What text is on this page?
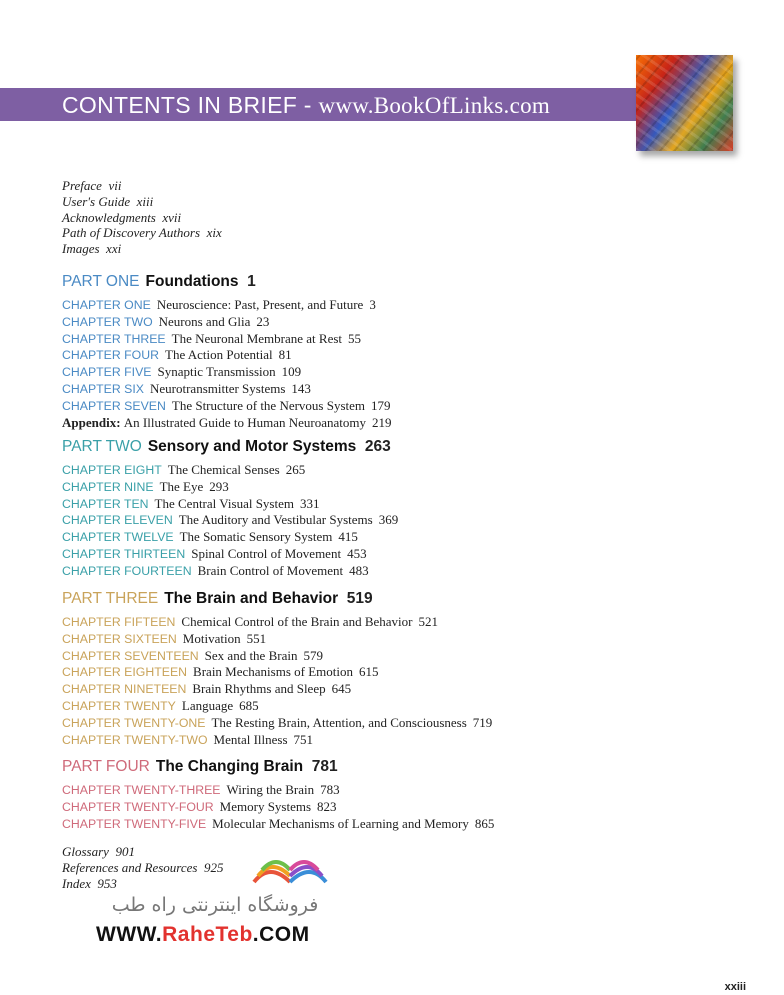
CONTENTS IN BRIEF - www.BookOfLinks.com
Preface vii
User's Guide xiii
Acknowledgments xvii
Path of Discovery Authors xix
Images xxi
PART ONE Foundations 1
CHAPTER ONE Neuroscience: Past, Present, and Future 3
CHAPTER TWO Neurons and Glia 23
CHAPTER THREE The Neuronal Membrane at Rest 55
CHAPTER FOUR The Action Potential 81
CHAPTER FIVE Synaptic Transmission 109
CHAPTER SIX Neurotransmitter Systems 143
CHAPTER SEVEN The Structure of the Nervous System 179
Appendix: An Illustrated Guide to Human Neuroanatomy 219
PART TWO Sensory and Motor Systems 263
CHAPTER EIGHT The Chemical Senses 265
CHAPTER NINE The Eye 293
CHAPTER TEN The Central Visual System 331
CHAPTER ELEVEN The Auditory and Vestibular Systems 369
CHAPTER TWELVE The Somatic Sensory System 415
CHAPTER THIRTEEN Spinal Control of Movement 453
CHAPTER FOURTEEN Brain Control of Movement 483
PART THREE The Brain and Behavior 519
CHAPTER FIFTEEN Chemical Control of the Brain and Behavior 521
CHAPTER SIXTEEN Motivation 551
CHAPTER SEVENTEEN Sex and the Brain 579
CHAPTER EIGHTEEN Brain Mechanisms of Emotion 615
CHAPTER NINETEEN Brain Rhythms and Sleep 645
CHAPTER TWENTY Language 685
CHAPTER TWENTY-ONE The Resting Brain, Attention, and Consciousness 719
CHAPTER TWENTY-TWO Mental Illness 751
PART FOUR The Changing Brain 781
CHAPTER TWENTY-THREE Wiring the Brain 783
CHAPTER TWENTY-FOUR Memory Systems 823
CHAPTER TWENTY-FIVE Molecular Mechanisms of Learning and Memory 865
Glossary 901
References and Resources 925
Index 953
فروشگاه اینترنتی راه طب
WWW.RaheTeb.COM
xxiii
